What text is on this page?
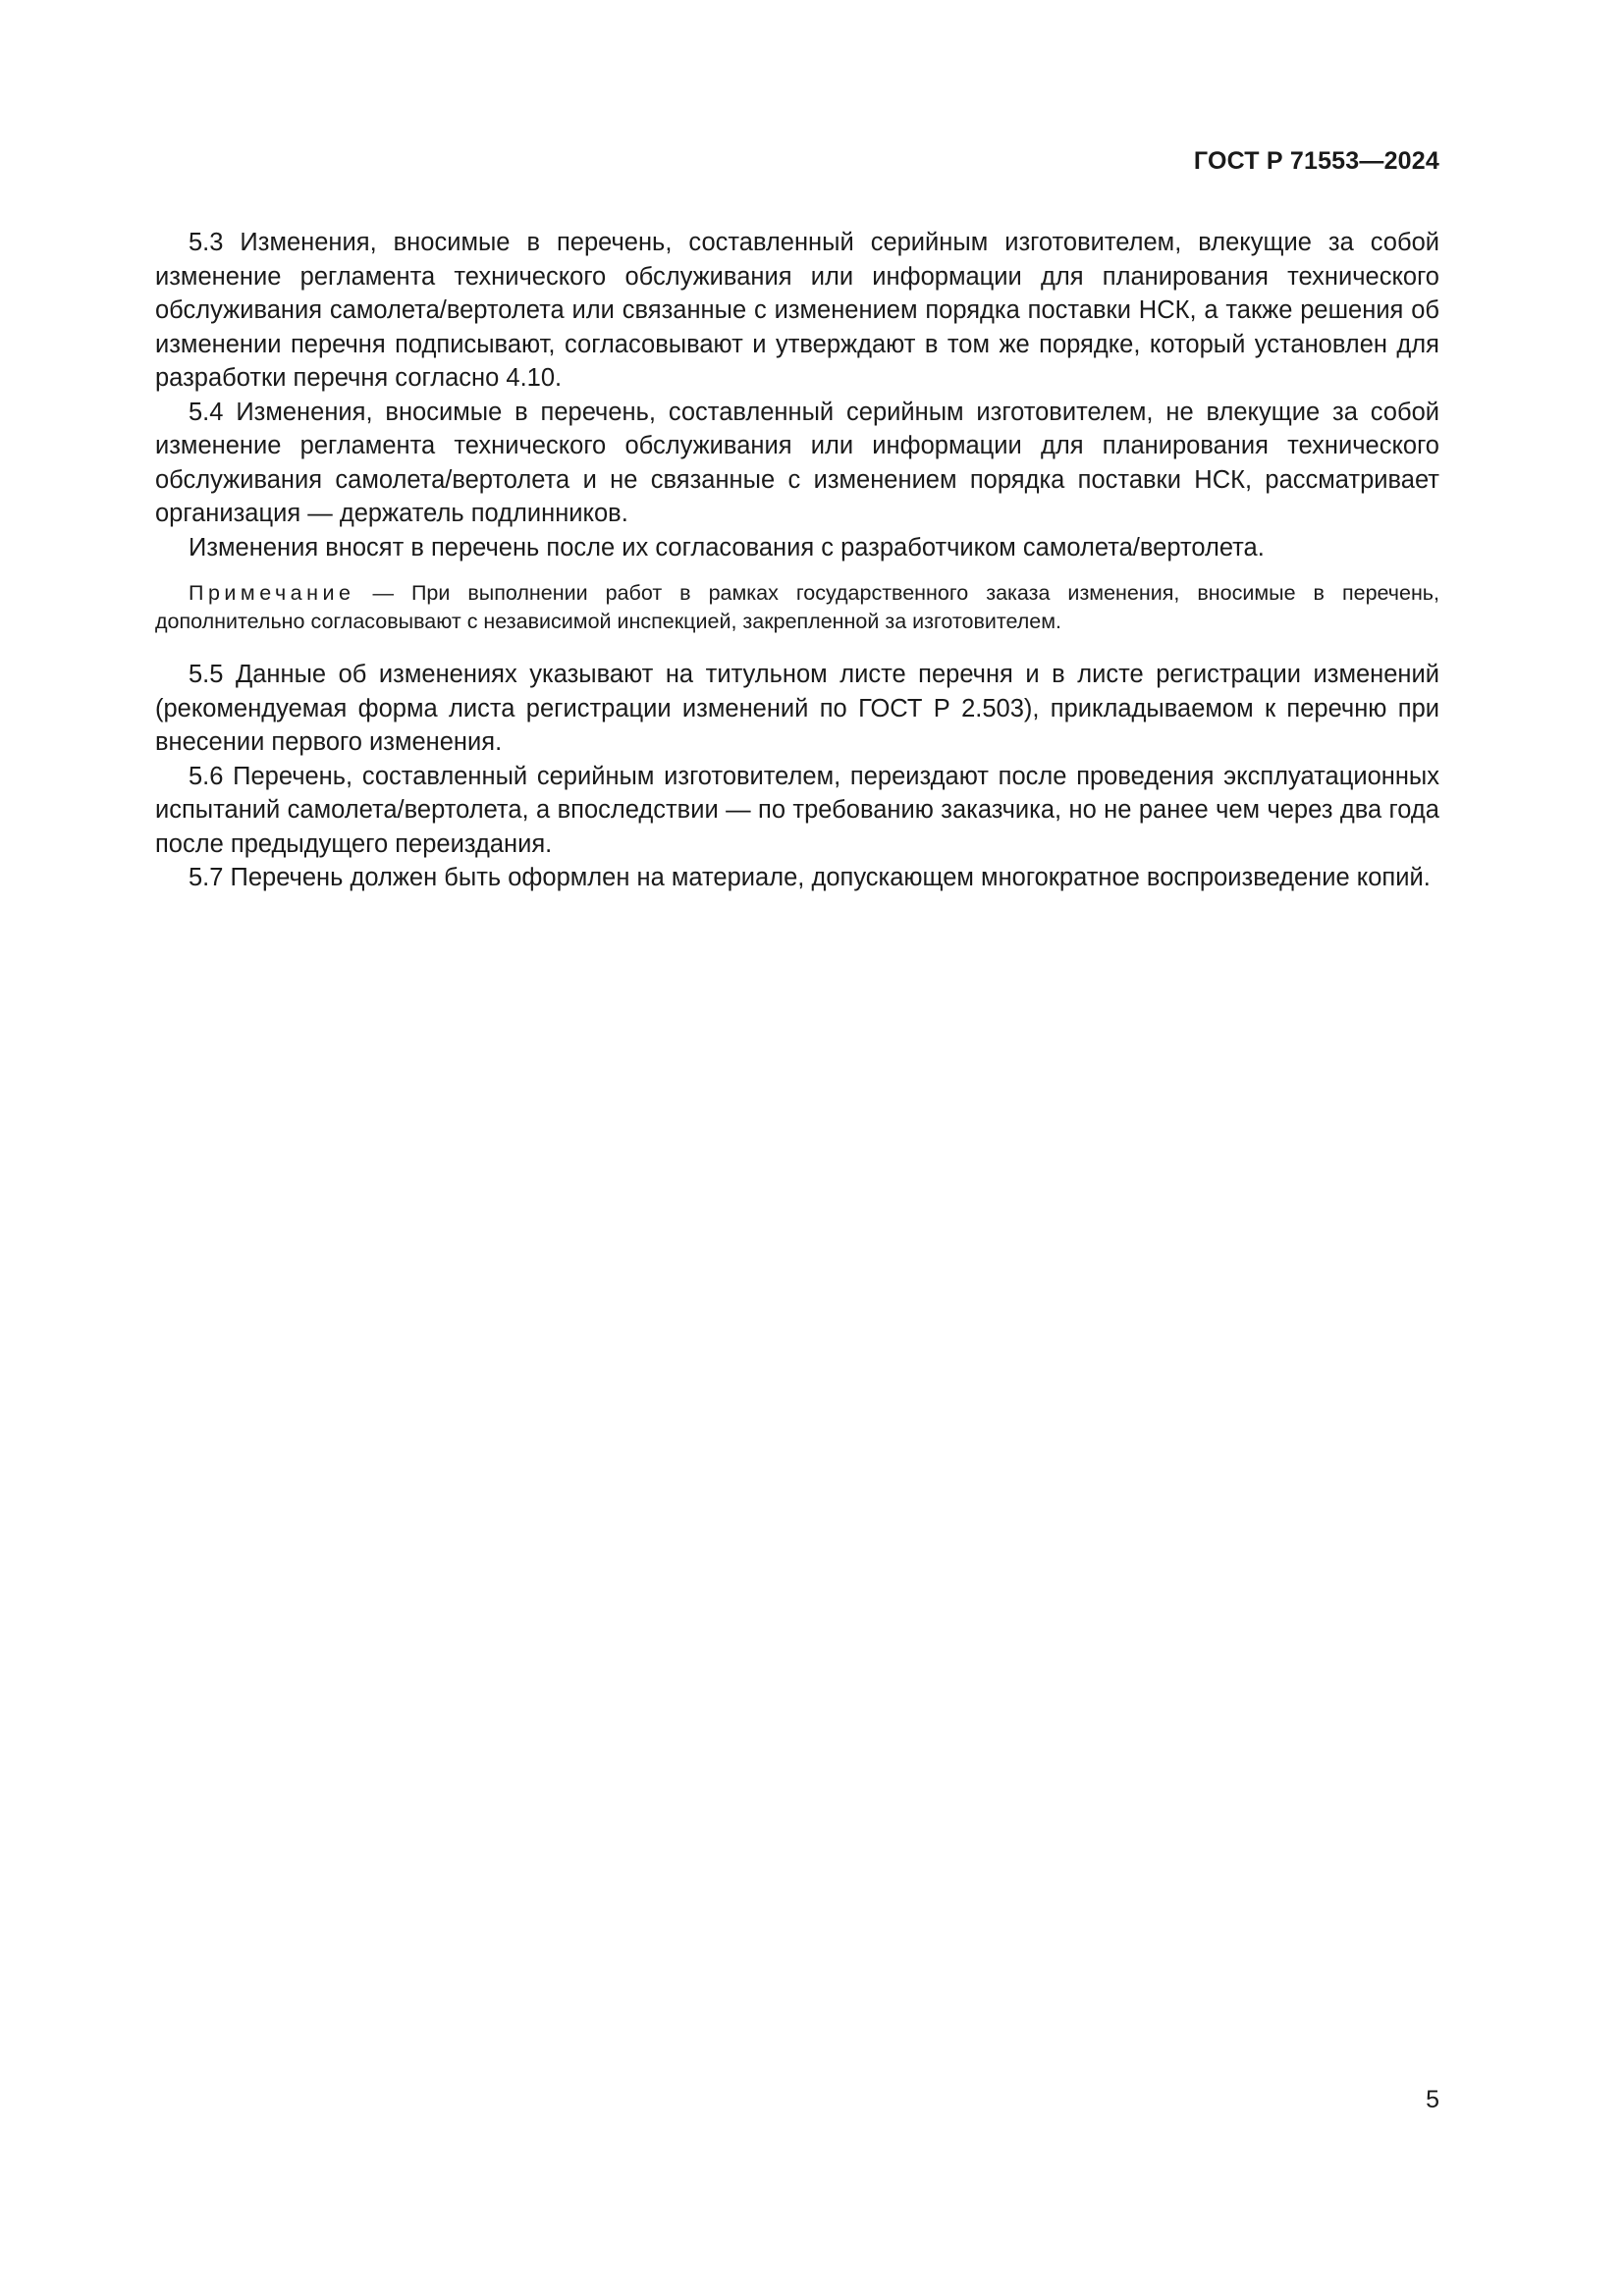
ГОСТ Р 71553—2024

5.3 Изменения, вносимые в перечень, составленный серийным изготовителем, влекущие за собой изменение регламента технического обслуживания или информации для планирования технического обслуживания самолета/вертолета или связанные с изменением порядка поставки НСК, а также решения об изменении перечня подписывают, согласовывают и утверждают в том же порядке, который установлен для разработки перечня согласно 4.10.

5.4 Изменения, вносимые в перечень, составленный серийным изготовителем, не влекущие за собой изменение регламента технического обслуживания или информации для планирования технического обслуживания самолета/вертолета и не связанные с изменением порядка поставки НСК, рассматривает организация — держатель подлинников.

Изменения вносят в перечень после их согласования с разработчиком самолета/вертолета.

Примечание — При выполнении работ в рамках государственного заказа изменения, вносимые в перечень, дополнительно согласовывают с независимой инспекцией, закрепленной за изготовителем.

5.5 Данные об изменениях указывают на титульном листе перечня и в листе регистрации изменений (рекомендуемая форма листа регистрации изменений по ГОСТ Р 2.503), прикладываемом к перечню при внесении первого изменения.

5.6 Перечень, составленный серийным изготовителем, переиздают после проведения эксплуатационных испытаний самолета/вертолета, а впоследствии — по требованию заказчика, но не ранее чем через два года после предыдущего переиздания.

5.7 Перечень должен быть оформлен на материале, допускающем многократное воспроизведение копий.

5
